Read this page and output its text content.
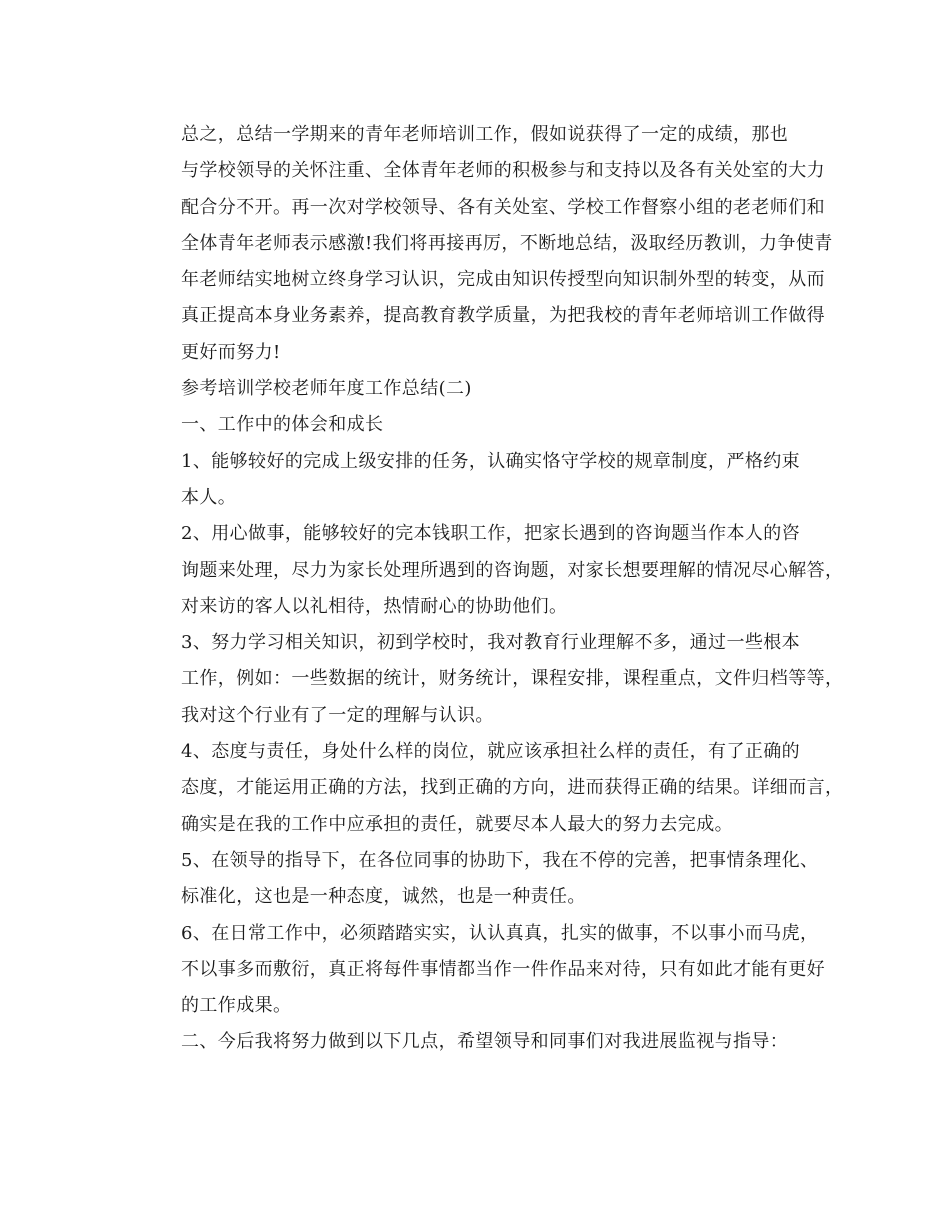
总之，总结一学期来的青年老师培训工作，假如说获得了一定的成绩，那也
与学校领导的关怀注重、全体青年老师的积极参与和支持以及各有关处室的大力
配合分不开。再一次对学校领导、各有关处室、学校工作督察小组的老老师们和
全体青年老师表示感激!我们将再接再厉，不断地总结，汲取经历教训，力争使青
年老师结实地树立终身学习认识，完成由知识传授型向知识制外型的转变，从而
真正提高本身业务素养，提高教育教学质量，为把我校的青年老师培训工作做得
更好而努力!

参考培训学校老师年度工作总结(二)

一、工作中的体会和成长

1、能够较好的完成上级安排的任务，认确实恪守学校的规章制度，严格约束
本人。

2、用心做事，能够较好的完本钱职工作，把家长遇到的咨询题当作本人的咨
询题来处理，尽力为家长处理所遇到的咨询题，对家长想要理解的情况尽心解答，
对来访的客人以礼相待，热情耐心的协助他们。

3、努力学习相关知识，初到学校时，我对教育行业理解不多，通过一些根本
工作，例如：一些数据的统计，财务统计，课程安排，课程重点，文件归档等等，
我对这个行业有了一定的理解与认识。

4、态度与责任，身处什么样的岗位，就应该承担社么样的责任，有了正确的
态度，才能运用正确的方法，找到正确的方向，进而获得正确的结果。详细而言，
确实是在我的工作中应承担的责任，就要尽本人最大的努力去完成。

5、在领导的指导下，在各位同事的协助下，我在不停的完善，把事情条理化、
标准化，这也是一种态度，诚然，也是一种责任。

6、在日常工作中，必须踏踏实实，认认真真，扎实的做事，不以事小而马虎，
不以事多而敷衍，真正将每件事情都当作一件作品来对待，只有如此才能有更好
的工作成果。

二、今后我将努力做到以下几点，希望领导和同事们对我进展监视与指导：
